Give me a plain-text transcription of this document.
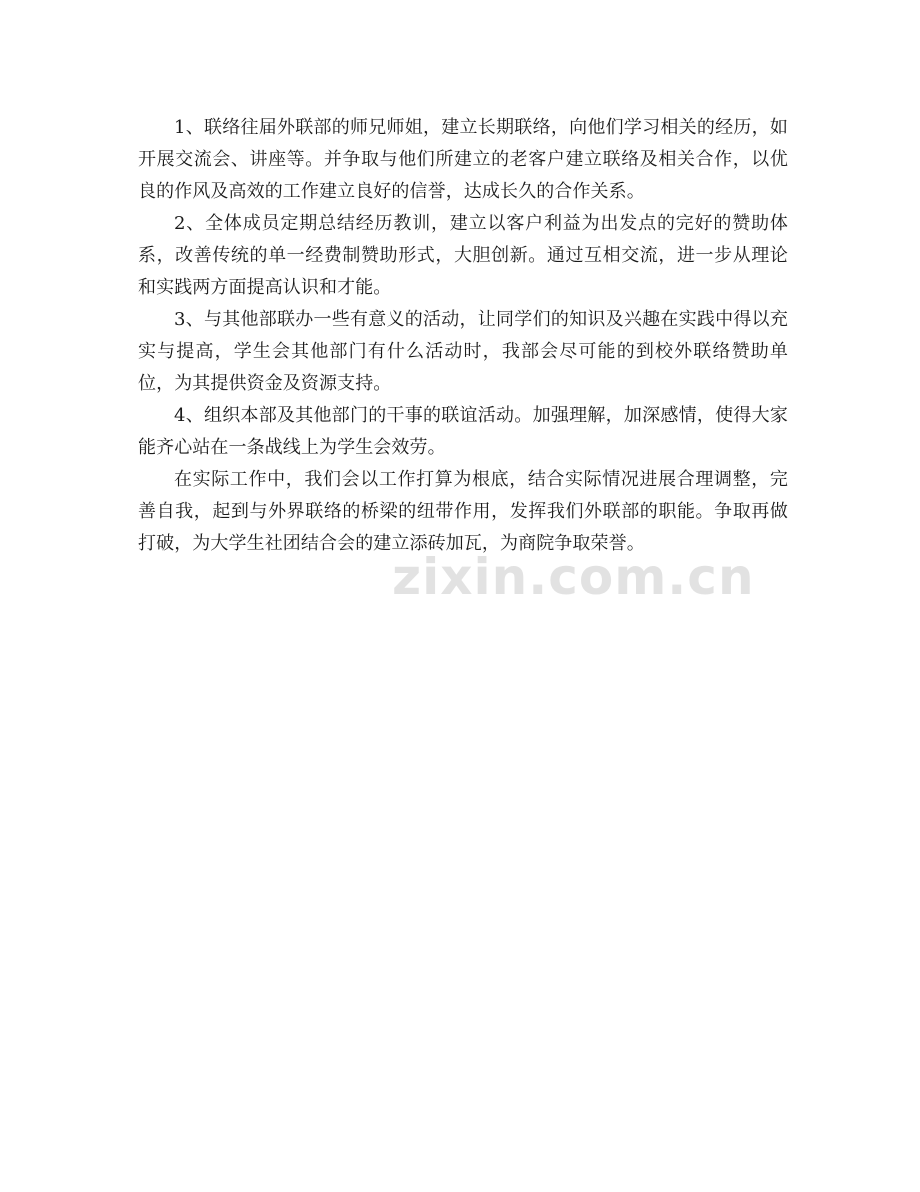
1、联络往届外联部的师兄师姐，建立长期联络，向他们学习相关的经历，如开展交流会、讲座等。并争取与他们所建立的老客户建立联络及相关合作，以优良的作风及高效的工作建立良好的信誉，达成长久的合作关系。

2、全体成员定期总结经历教训，建立以客户利益为出发点的完好的赞助体系，改善传统的单一经费制赞助形式，大胆创新。通过互相交流，进一步从理论和实践两方面提高认识和才能。

3、与其他部联办一些有意义的活动，让同学们的知识及兴趣在实践中得以充实与提高，学生会其他部门有什么活动时，我部会尽可能的到校外联络赞助单位，为其提供资金及资源支持。

4、组织本部及其他部门的干事的联谊活动。加强理解，加深感情，使得大家能齐心站在一条战线上为学生会效劳。

在实际工作中，我们会以工作打算为根底，结合实际情况进展合理调整，完善自我，起到与外界联络的桥梁的纽带作用，发挥我们外联部的职能。争取再做打破，为大学生社团结合会的建立添砖加瓦，为商院争取荣誉。

zixin.com.cn
